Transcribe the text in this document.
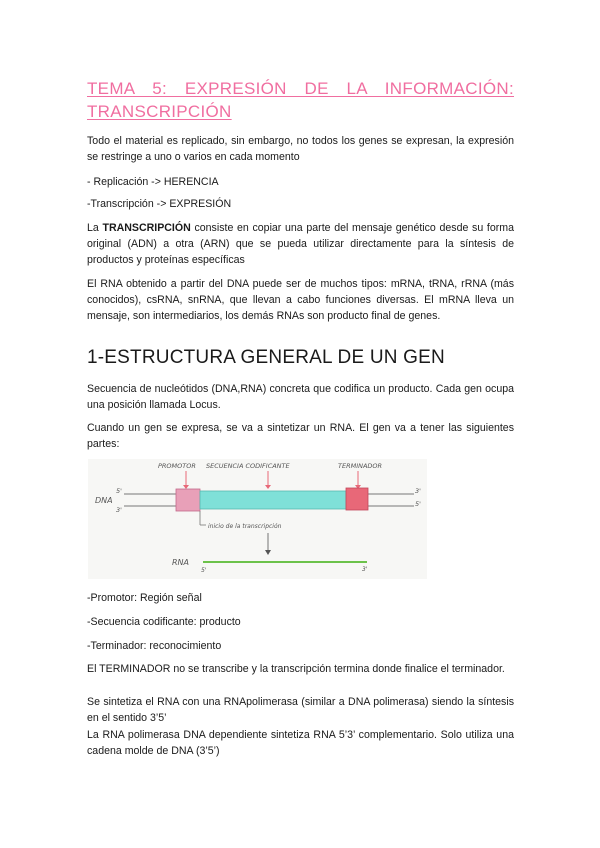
TEMA 5: EXPRESIÓN DE LA INFORMACIÓN:
TRANSCRIPCIÓN
Todo el material es replicado, sin embargo, no todos los genes se expresan, la expresión se restringe a uno o varios en cada momento
- Replicación -> HERENCIA
-Transcripción -> EXPRESIÓN
La TRANSCRIPCIÓN consiste en copiar una parte del mensaje genético desde su forma original (ADN) a otra (ARN) que se pueda utilizar directamente para la síntesis de productos y proteínas específicas
El RNA obtenido a partir del DNA puede ser de muchos tipos: mRNA, tRNA, rRNA (más conocidos), csRNA, snRNA, que llevan a cabo funciones diversas. El mRNA lleva un mensaje, son intermediarios, los demás RNAs son producto final de genes.
1-ESTRUCTURA GENERAL DE UN GEN
Secuencia de nucleótidos (DNA,RNA) concreta que codifica un producto. Cada gen ocupa una posición llamada Locus.
Cuando un gen se expresa, se va a sintetizar un RNA. El gen va a tener las siguientes partes:
PROMOTOR SECUENCIA CODIFICANTE	TERMINADOR
DNA
5'
3'
3'
5'
inicio de la transcripción
RNA
5'	3'
-Promotor: Región señal
-Secuencia codificante: producto
-Terminador: reconocimiento
El TERMINADOR no se transcribe y la transcripción termina donde finalice el terminador.
Se sintetiza el RNA con una RNApolimerasa (similar a DNA polimerasa) siendo la síntesis en el sentido 3’5’
La RNA polimerasa DNA dependiente sintetiza RNA 5’3’ complementario. Solo utiliza una cadena molde de DNA (3’5’)
